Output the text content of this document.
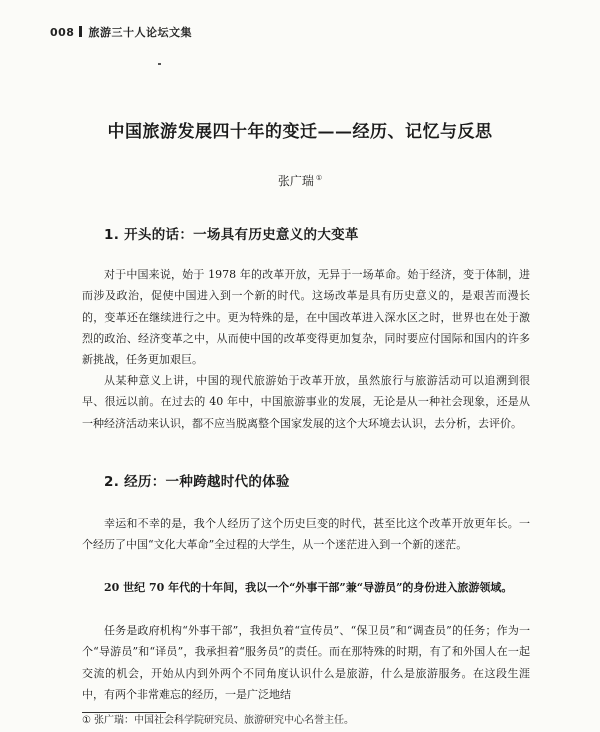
008 旅游三十人论坛文集
中国旅游发展四十年的变迁——经历、记忆与反思
张广瑞 ①
1. 开头的话：一场具有历史意义的大变革

对于中国来说，始于 1978 年的改革开放，无异于一场革命。始于经济，变于体制，进而涉及政治，促使中国进入到一个新的时代。这场改革是具有历史意义的，是艰苦而漫长的，变革还在继续进行之中。更为特殊的是，在中国改革进入深水区之时，世界也在处于激烈的政治、经济变革之中，从而使中国的改革变得更加复杂，同时要应付国际和国内的许多新挑战，任务更加艰巨。

从某种意义上讲，中国的现代旅游始于改革开放，虽然旅行与旅游活动可以追溯到很早、很远以前。在过去的 40 年中，中国旅游事业的发展，无论是从一种社会现象，还是从一种经济活动来认识，都不应当脱离整个国家发展的这个大环境去认识，去分析，去评价。

2. 经历：一种跨越时代的体验

幸运和不幸的是，我个人经历了这个历史巨变的时代，甚至比这个改革开放更年长。一个经历了中国“文化大革命”全过程的大学生，从一个迷茫进入到一个新的迷茫。

20 世纪 70 年代的十年间，我以一个“外事干部”兼“导游员”的身份进入旅游领域。

任务是政府机构“外事干部”，我担负着“宣传员”、“保卫员”和“调查员”的任务；作为一个“导游员”和“译员”，我承担着“服务员”的责任。而在那特殊的时期，有了和外国人在一起交流的机会，开始从内到外两个不同角度认识什么是旅游，什么是旅游服务。在这段生涯中，有两个非常难忘的经历，一是广泛地结

① 张广瑞：中国社会科学院研究员、旅游研究中心名誉主任。
